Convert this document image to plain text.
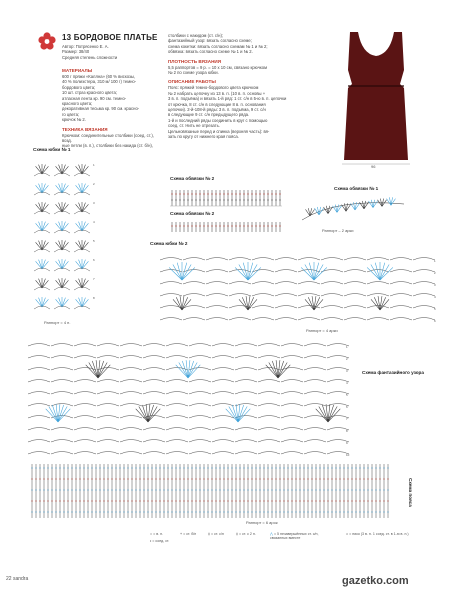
13 БОРДОВОЕ ПЛАТЬЕ
Автор: Потрясенко Е. А.
Размер: 38/40
Средняя степень сложности
МАТЕРИАЛЫ
600 г пряжи «Каллна» (60 % вискозы,
40 % полиэстера, 310 м/ 100 г) темно-
бордового цвета;
10 шт. страз красного цвета;
атласная лента кр. 90 см. темно-
красного цвета;
декоративная тесьма кр. 90 см. красно-
го цвета;
крючок № 2.
ТЕХНИКА ВЯЗАНИЯ
Крючком: соединительные столбики (соед. ст.), возд.
ные петли (в. п.), столбики без накида (ст. б/н),
столбики с накидом (ст. с/н);
фантазийный узор: вязать согласно схеме;
схема кокетки: вязать согласно схемам № 1 и № 2;
обвязка: вязать согласно схеме № 1 и № 2.
ПЛОТНОСТЬ ВЯЗАНИЯ
5,5 раппортов = 9 р. = 10 х 10 см, связано крючком
№ 2 по схеме узора юбки.
ОПИСАНИЕ РАБОТЫ
Пояс: пряжей темно-бордового цвета крючком
№ 2 набрать цепочку из 13 в. п. (10 в. п. основы +
3 в. п. подъёма) и вязать 1-й ряд: 1 ст. с/н в 5-ю в. п. цепочки
от крючка, 8 ст. с/н в следующие 8 в. п. основания
цепочки). 2-й-108-й ряды: 3 в. п. подъёма, 9 ст. с/н
в следующие 9 ст. с/н предыдущего ряда.
1-й и последний ряды соединить в круг с помощью
соед. ст. Нить не отрезать.
Цельновязаные перед и спинка (верхняя часть): вя-
зать по кругу от нижнего края пояса.
96
Схема юбки № 1
1
2
3
4
5
6
7
8
Раппорт = 4 п.
Схема обвязки № 2
Схема обвязки № 2
Схема обвязки № 1
Раппорт – 2 арки
Схема юбки № 2
1
2
3
4
5
6
Раппорт = 4 арки
Схема фантазийного узора
1
2
3
4
5
6
7
8
9
10
Схема пояса
Раппорт = 6 арок
○ = в. п.
• = соед. ст.
+ = ст. б/н	‡ = ст. с/н	‡ = ст. с 2 н.	⋀ = 5 незавершённых ст. с/н, связанных вместе
⌂ = пико (3 в. п. 1 соед. ст. в 1-ю в. п.)
22 sandra	gazetko.com
